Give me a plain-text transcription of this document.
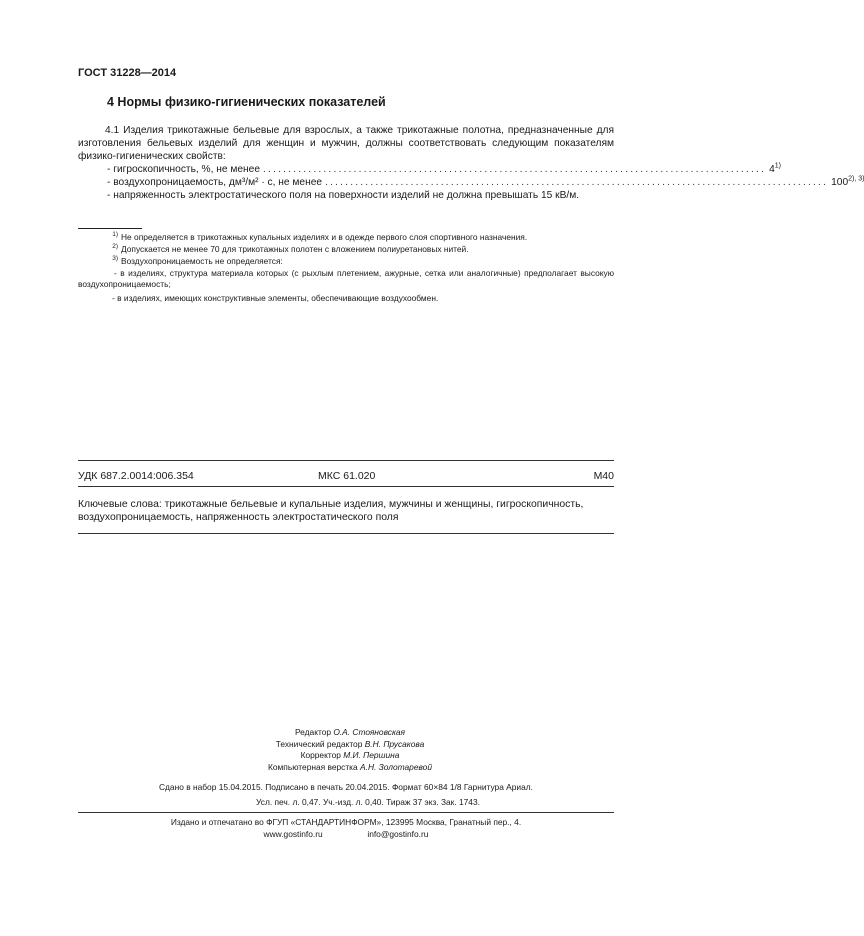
ГОСТ 31228—2014
4 Нормы физико-гигиенических показателей
4.1 Изделия трикотажные бельевые для взрослых, а также трикотажные полотна, предназначенные для изготовления бельевых изделий для женщин и мужчин, должны соответствовать следующим показателям физико-гигиенических свойств:
- гигроскопичность, %, не менее .................................................................................................... 4$^{1)}$
- воздухопроницаемость, дм³/м² · с, не менее .................................................................................................... $100^{2), 3)}$
- напряженность электростатического поля на поверхности изделий не должна превышать 15 кВ/м.
$^{1)}$ Не определяется в трикотажных купальных изделиях и в одежде первого слоя спортивного назначения.
$^{2)}$ Допускается не менее 70 для трикотажных полотен с вложением полиуретановых нитей.
$^{3)}$ Воздухопроницаемость не определяется:
- в изделиях, структура материала которых (с рыхлым плетением, ажурные, сетка или аналогичные) предполагает высокую воздухопроницаемость;
- в изделиях, имеющих конструктивные элементы, обеспечивающие воздухообмен.
УДК 687.2.0014:006.354	МКС 61.020	М40
Ключевые слова: трикотажные бельевые и купальные изделия, мужчины и женщины, гигроскопичность, воздухопроницаемость, напряженность электростатического поля
Редактор О.А. Стояновская
Технический редактор В.Н. Прусакова
Корректор М.И. Першина
Компьютерная верстка А.Н. Золотаревой
Сдано в набор 15.04.2015. Подписано в печать 20.04.2015. Формат 60×84 1/8 Гарнитура Ариал.
Усл. печ. л. 0,47. Уч.-изд. л. 0,40. Тираж 37 экз. Зак. 1743.
Издано и отпечатано во ФГУП «СТАНДАРТИНФОРМ», 123995 Москва, Гранатный пер., 4.
www.gostinfo.ru	info@gostinfo.ru
